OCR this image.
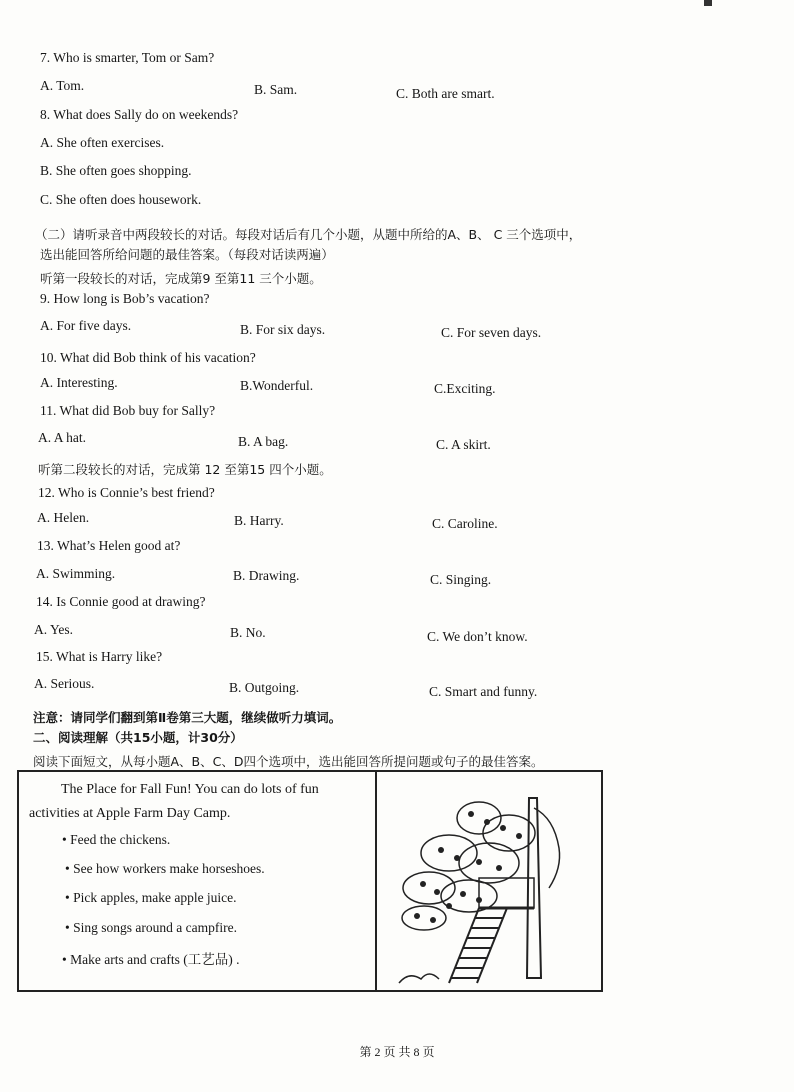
7. Who is smarter, Tom or Sam?
A. Tom.	B. Sam.	C. Both are smart.
8. What does Sally do on weekends?
A. She often exercises.
B. She often goes shopping.
C. She often does housework.
（二）请听录音中两段较长的对话。每段对话后有几个小题，从题中所给的A、B、 C 三个选项中，
选出能回答所给问题的最佳答案。（每段对话读两遍）
听第一段较长的对话，完成第9 至第11 三个小题。
9. How long is Bob’s vacation?
A. For five days.	B. For six days.	C. For seven days.
10. What did Bob think of his vacation?
A. Interesting.	B.Wonderful.	C.Exciting.
11. What did Bob buy for Sally?
A. A hat.	B. A bag.	C. A skirt.
听第二段较长的对话，完成第 12 至第15 四个小题。
12. Who is Connie’s best friend?
A. Helen.	B. Harry.	C. Caroline.
13. What’s Helen good at?
A. Swimming.	B. Drawing.	C. Singing.
14. Is Connie good at drawing?
A. Yes.	B. No.	C. We don’t know.
15. What is Harry like?
A. Serious.	B. Outgoing.	C. Smart and funny.
注意：请同学们翻到第Ⅱ卷第三大题，继续做听力填词。
二、阅读理解（共15小题，计30分）
阅读下面短文，从每小题A、B、C、D四个选项中，选出能回答所提问题或句子的最佳答案。
The Place for Fall Fun! You can do lots of fun
activities at Apple Farm Day Camp.
• Feed the chickens.
• See how workers make horseshoes.
• Pick apples, make apple juice.
• Sing songs around a campfire.
• Make arts and crafts (工艺品) .
第 2 页 共 8 页
